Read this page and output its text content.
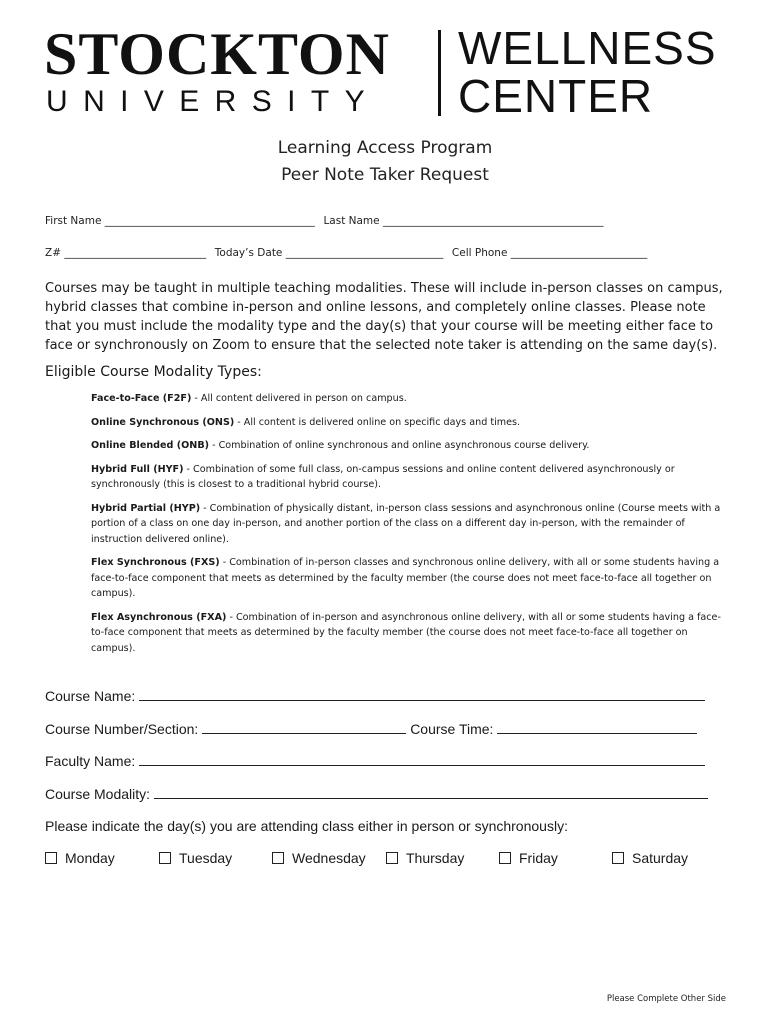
STOCKTON
UNIVERSITY
WELLNESS
CENTER
Learning Access Program
Peer Note Taker Request
First Name ________________________________________ Last Name __________________________________________
Z# ___________________________ Today’s Date ______________________________ Cell Phone __________________________
Courses may be taught in multiple teaching modalities. These will include in-person classes on campus, hybrid classes that combine in-person and online lessons, and completely online classes. Please note that you must include the modality type and the day(s) that your course will be meeting either face to face or synchronously on Zoom to ensure that the selected note taker is attending on the same day(s).
Eligible Course Modality Types:
Face-to-Face (F2F) - All content delivered in person on campus.
Online Synchronous (ONS) - All content is delivered online on specific days and times.
Online Blended (ONB) - Combination of online synchronous and online asynchronous course delivery.
Hybrid Full (HYF) - Combination of some full class, on-campus sessions and online content delivered asynchronously or synchronously (this is closest to a traditional hybrid course).
Hybrid Partial (HYP) - Combination of physically distant, in-person class sessions and asynchronous online (Course meets with a portion of a class on one day in-person, and another portion of the class on a different day in-person, with the remainder of instruction delivered online).
Flex Synchronous (FXS) - Combination of in-person classes and synchronous online delivery, with all or some students having a face-to-face component that meets as determined by the faculty member (the course does not meet face-to-face all together on campus).
Flex Asynchronous (FXA) - Combination of in-person and asynchronous online delivery, with all or some students having a face-to-face component that meets as determined by the faculty member (the course does not meet face-to-face all together on campus).
Course Name:
Course Number/Section:	Course Time:
Faculty Name:
Course Modality:
Please indicate the day(s) you are attending class either in person or synchronously:
Monday	Tuesday	Wednesday	Thursday	Friday	Saturday
Please Complete Other Side
